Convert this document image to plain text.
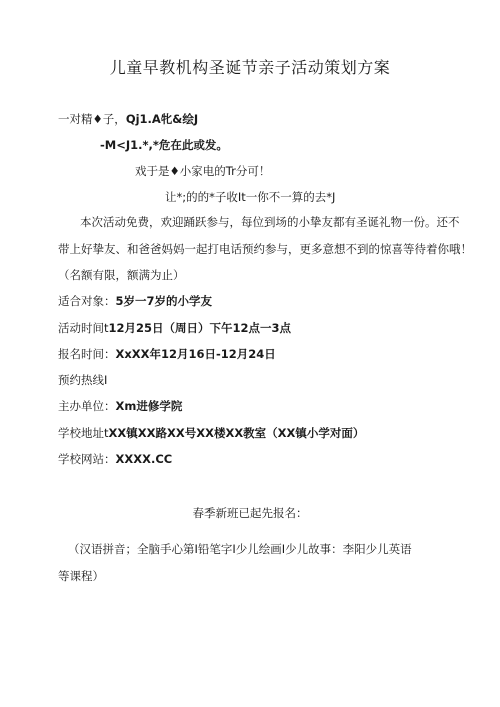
儿童早教机构圣诞节亲子活动策划方案
一对精♦子，Qj1.A牝&绘J
-M<J1.*,*危在此或发。
戏于是♦小家电的Tr分可！
让*;的的*子收It一你不一算的去*J
本次活动免费，欢迎踊跃参与，每位到场的小挚友都有圣诞礼物一份。还不
带上好挚友、和爸爸妈妈一起打电话预约参与，更多意想不到的惊喜等待着你哦！
（名额有限，额满为止）
适合对象：5岁一7岁的小学友
活动时间t12月25日（周日）下午12点一3点
报名时间：XxXX年12月16日-12月24日
预约热线I
主办单位：Xm进修学院
学校地址tXX镇XX路XX号XX楼XX教室（XX镇小学对面）
学校网站：XXXX.CC
春季新班已起先报名：
（汉语拼音；全脑手心第I铅笔字I少儿绘画I少儿故事：李阳少儿英语
等课程）
